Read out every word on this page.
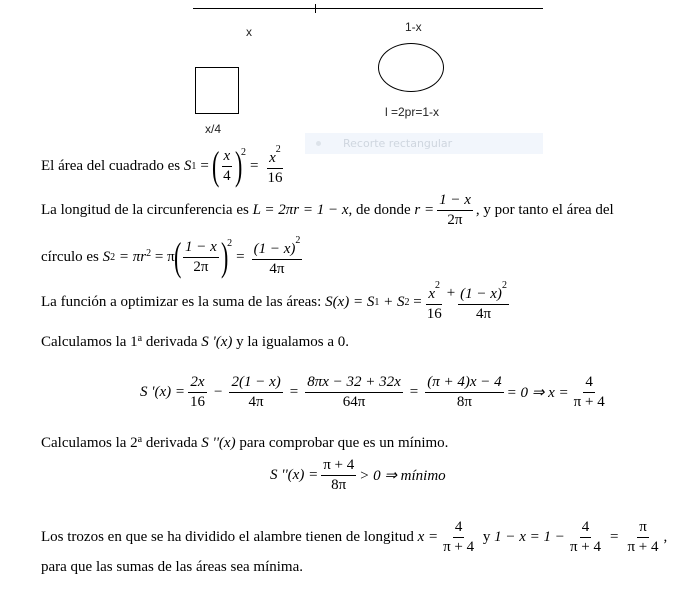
x	1-x
l =2pr=1-x
x/4
Recorte rectangular
El área del cuadrado es S 1 = ( $\frac{x}{4}$ )
$^2$
= $\frac{x^2}{16}$
La longitud de la circunferencia es L = 2πr = 1 − x , de donde $r = \frac{1 - x}{2\pi}$ , y por tanto el área del
círculo es S $2 = \pi r^2 = \pi$
( $\frac{1 - x}{2\pi}$ )
$^2$
= $\frac{(1 - x)^2}{4\pi}$
La función a optimizar es la suma de las áreas: S(x) = S 1 + S $2 = \frac{x^2}{16}$ +
$\frac{(1 - x)^2}{4\pi}$
Calculamos la 1$^a$ derivada S '(x) y la igualamos a 0.
S '$(x) = \frac{2x}{16} - \frac{2(1 - x)}{4\pi} = \frac{8\pi x - 32 + 32x}{64\pi} = \frac{(\pi + 4)x - 4}{8\pi} = 0$ ⇒ $x = \frac{4}{\pi + 4}$
Calculamos la 2$^a$ derivada S ''(x) para comprobar que es un mínimo.
S ''$(x) = \frac{\pi + 4}{8\pi} > 0$ ⇒ mínimo
Los trozos en que se ha dividido el alambre tienen de longitud $x = \frac{4}{\pi + 4}$ y $1 - x = 1 - \frac{4}{\pi + 4} = \frac{\pi}{\pi + 4}$ ,
para que las sumas de las áreas sea mínima.
